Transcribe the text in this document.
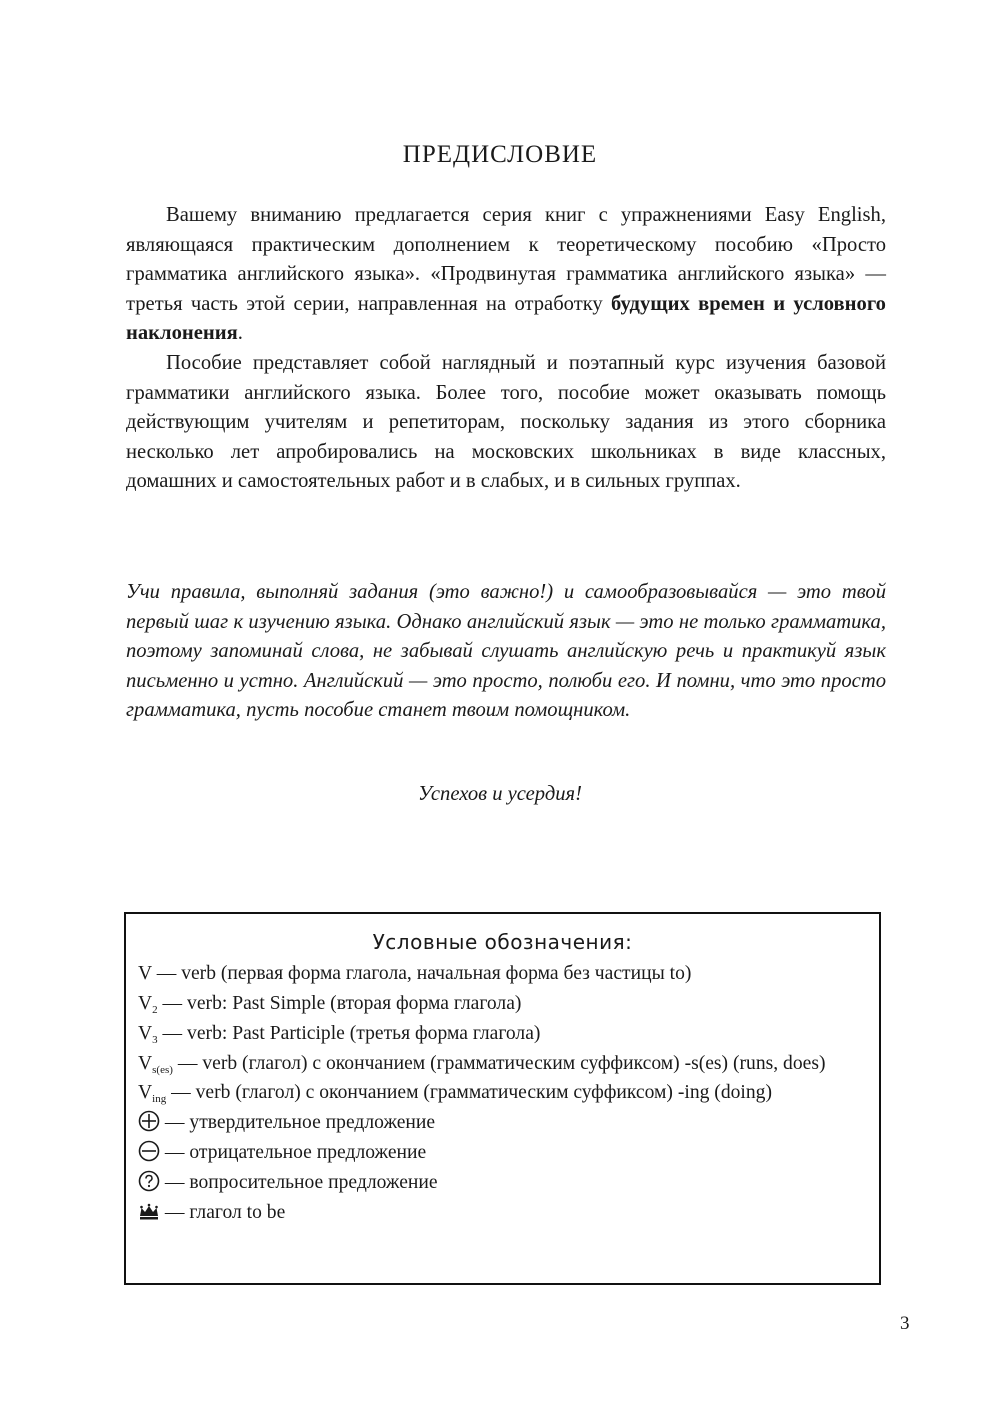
ПРЕДИСЛОВИЕ

Вашему вниманию предлагается серия книг с упражнениями Easy English, являющаяся практическим дополнением к теоретическому пособию «Просто грамматика английского языка». «Продвинутая грамматика английского языка» — третья часть этой серии, направленная на отработку будущих времен и условного наклонения.

Пособие представляет собой наглядный и поэтапный курс изучения базовой грамматики английского языка. Более того, пособие может оказывать помощь действующим учителям и репетиторам, поскольку задания из этого сборника несколько лет апробировались на московских школьниках в виде классных, домашних и самостоятельных работ и в слабых, и в сильных группах.

Учи правила, выполняй задания (это важно!) и самообразовывайся — это твой первый шаг к изучению языка. Однако английский язык — это не только грамматика, поэтому запоминай слова, не забывай слушать английскую речь и практикуй язык письменно и устно. Английский — это просто, полюби его. И помни, что это просто грамматика, пусть пособие станет твоим помощником.

Успехов и усердия!

Условные обозначения:

V — verb (первая форма глагола, начальная форма без частицы to)

$V_2$ — verb: Past Simple (вторая форма глагола)

$V_3$ — verb: Past Participle (третья форма глагола)

$V_{s(es)}$ — verb (глагол) с окончанием (грамматическим суффиксом) -s(es) (runs, does)

$V_{ing}$ — verb (глагол) с окончанием (грамматическим суффиксом) -ing (doing)

— утвердительное предложение

— отрицательное предложение

— вопросительное предложение

— глагол to be

3
